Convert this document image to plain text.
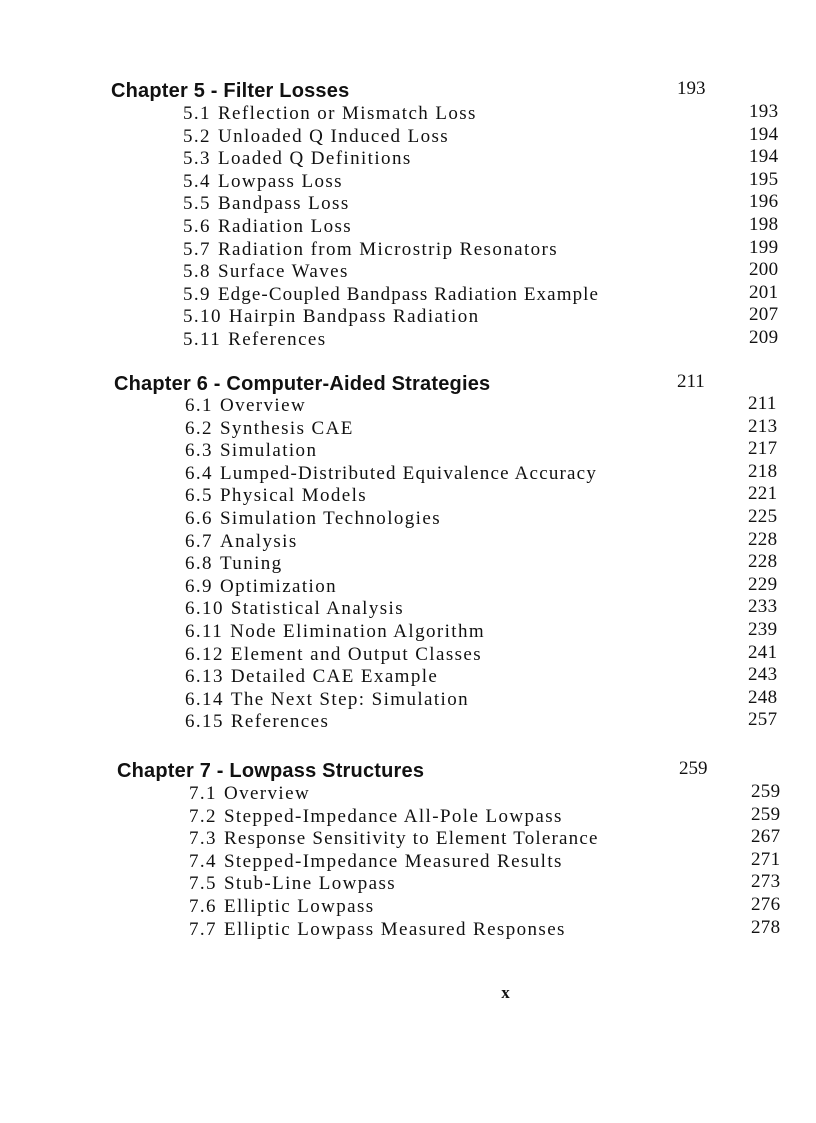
Chapter 5 - Filter Losses	193
5.1 Reflection or Mismatch Loss	193
5.2 Unloaded Q Induced Loss	194
5.3 Loaded Q Definitions	194
5.4 Lowpass Loss	195
5.5 Bandpass Loss	196
5.6 Radiation Loss	198
5.7 Radiation from Microstrip Resonators	199
5.8 Surface Waves	200
5.9 Edge-Coupled Bandpass Radiation Example	201
5.10 Hairpin Bandpass Radiation	207
5.11 References	209
Chapter 6 - Computer-Aided Strategies	211
6.1 Overview	211
6.2 Synthesis CAE	213
6.3 Simulation	217
6.4 Lumped-Distributed Equivalence Accuracy	218
6.5 Physical Models	221
6.6 Simulation Technologies	225
6.7 Analysis	228
6.8 Tuning	228
6.9 Optimization	229
6.10 Statistical Analysis	233
6.11 Node Elimination Algorithm	239
6.12 Element and Output Classes	241
6.13 Detailed CAE Example	243
6.14 The Next Step: Simulation	248
6.15 References	257
Chapter 7 - Lowpass Structures	259
7.1 Overview	259
7.2 Stepped-Impedance All-Pole Lowpass	259
7.3 Response Sensitivity to Element Tolerance	267
7.4 Stepped-Impedance Measured Results	271
7.5 Stub-Line Lowpass	273
7.6 Elliptic Lowpass	276
7.7 Elliptic Lowpass Measured Responses	278
x
